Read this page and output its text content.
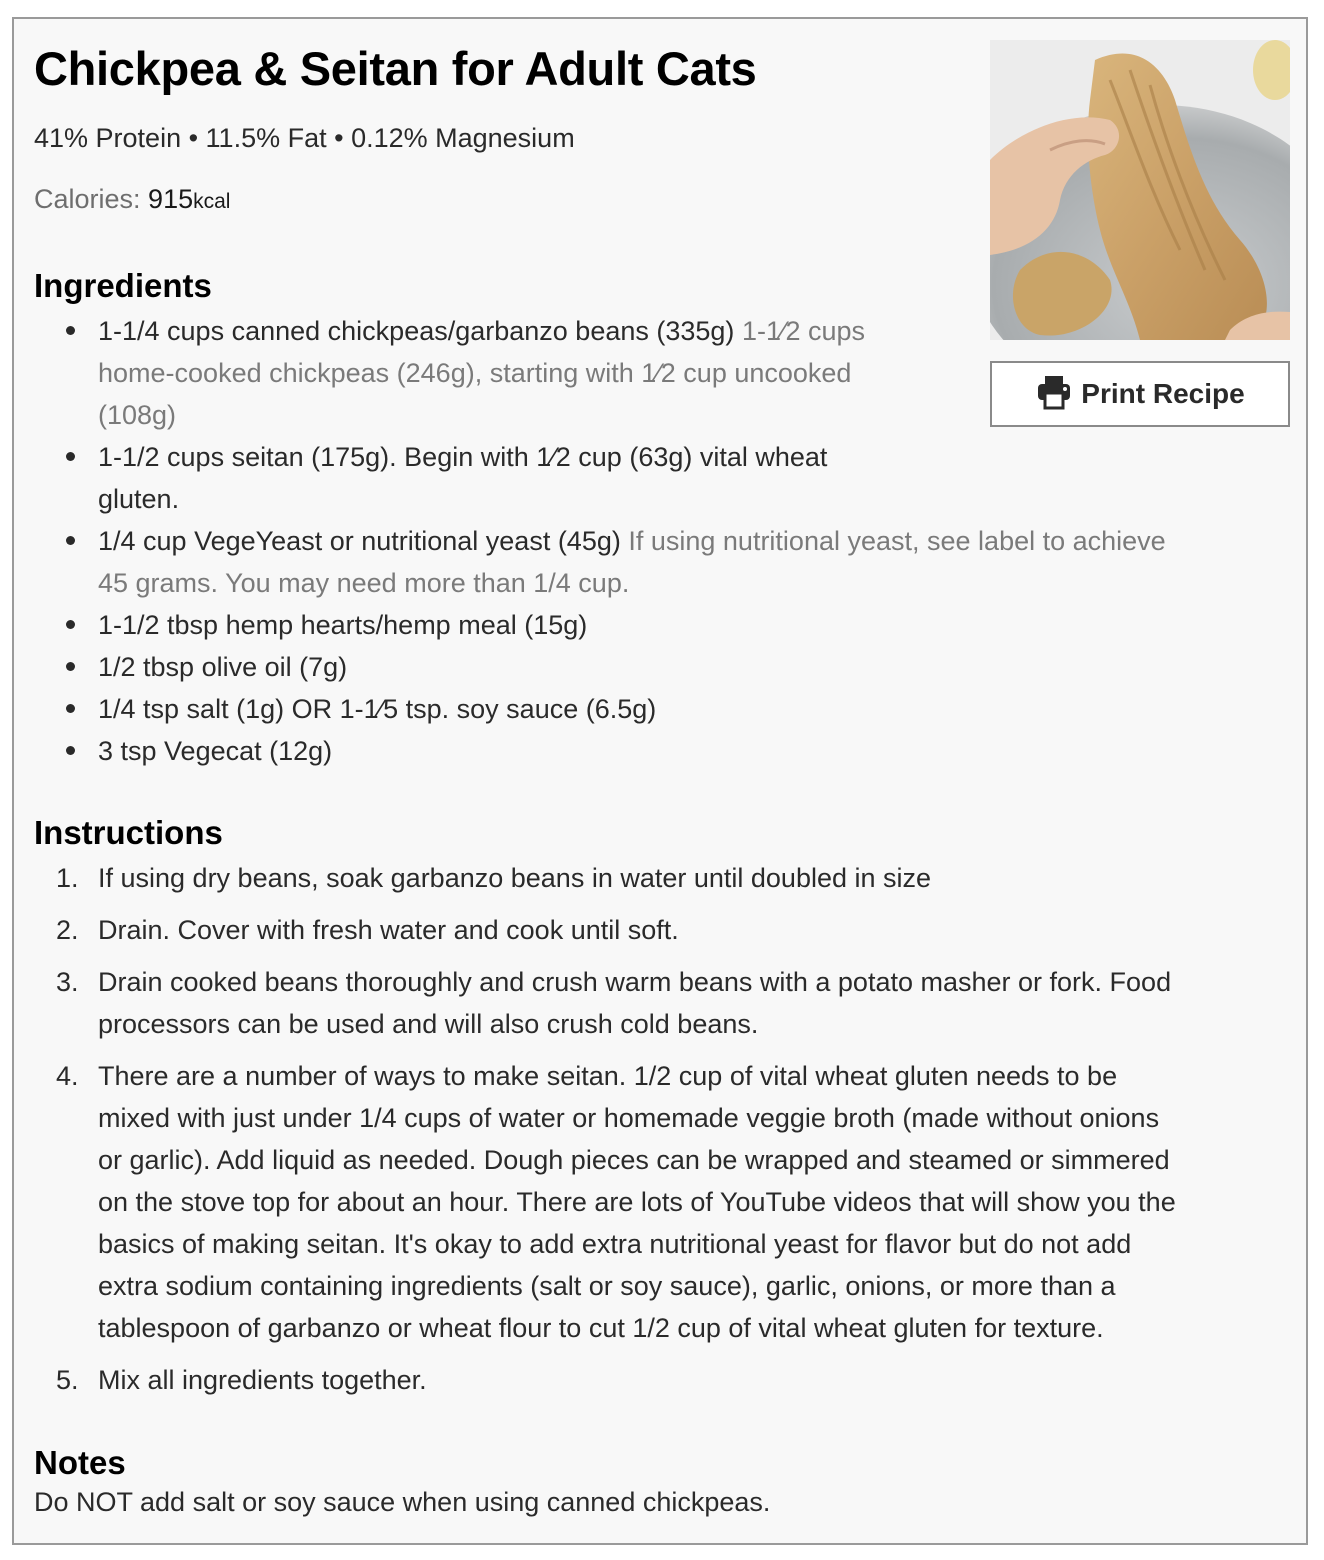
Chickpea & Seitan for Adult Cats
41% Protein • 11.5% Fat • 0.12% Magnesium
Calories: 915kcal
Print Recipe
Ingredients
1-1/4 cups canned chickpeas/garbanzo beans (335g) 1-1⁄2 cups
home-cooked chickpeas (246g), starting with 1⁄2 cup uncooked
(108g)
1-1/2 cups seitan (175g). Begin with 1⁄2 cup (63g) vital wheat
gluten.
1/4 cup VegeYeast or nutritional yeast (45g) If using nutritional yeast, see label to achieve
45 grams. You may need more than 1/4 cup.
1-1/2 tbsp hemp hearts/hemp meal (15g)
1/2 tbsp olive oil (7g)
1/4 tsp salt (1g) OR 1-1⁄5 tsp. soy sauce (6.5g)
3 tsp Vegecat (12g)
Instructions
1. If using dry beans, soak garbanzo beans in water until doubled in size
2. Drain. Cover with fresh water and cook until soft.
3. Drain cooked beans thoroughly and crush warm beans with a potato masher or fork. Food
processors can be used and will also crush cold beans.
4. There are a number of ways to make seitan. 1/2 cup of vital wheat gluten needs to be
mixed with just under 1/4 cups of water or homemade veggie broth (made without onions
or garlic). Add liquid as needed. Dough pieces can be wrapped and steamed or simmered
on the stove top for about an hour. There are lots of YouTube videos that will show you the
basics of making seitan. It's okay to add extra nutritional yeast for flavor but do not add
extra sodium containing ingredients (salt or soy sauce), garlic, onions, or more than a
tablespoon of garbanzo or wheat flour to cut 1/2 cup of vital wheat gluten for texture.
5. Mix all ingredients together.
Notes
Do NOT add salt or soy sauce when using canned chickpeas.
